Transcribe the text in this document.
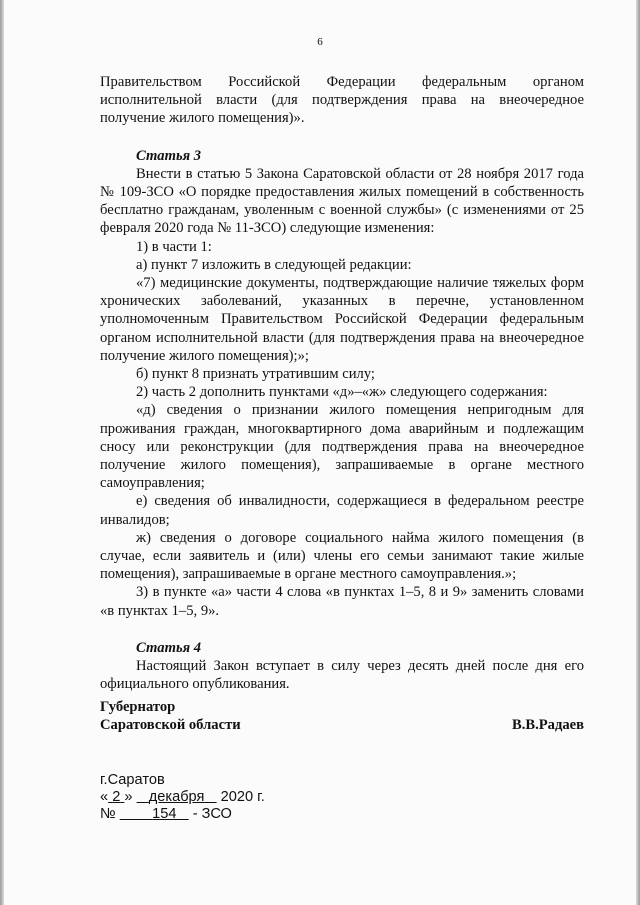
6

Правительством Российской Федерации федеральным органом исполнительной власти (для подтверждения права на внеочередное получение жилого помещения)».

Статья 3

Внести в статью 5 Закона Саратовской области от 28 ноября 2017 года № 109-ЗСО «О порядке предоставления жилых помещений в собственность бесплатно гражданам, уволенным с военной службы» (с изменениями от 25 февраля 2020 года № 11-ЗСО) следующие изменения:

1) в части 1:

а) пункт 7 изложить в следующей редакции:

«7) медицинские документы, подтверждающие наличие тяжелых форм хронических заболеваний, указанных в перечне, установленном уполномоченным Правительством Российской Федерации федеральным органом исполнительной власти (для подтверждения права на внеочередное получение жилого помещения);»;

б) пункт 8 признать утратившим силу;

2) часть 2 дополнить пунктами «д»–«ж» следующего содержания:

«д) сведения о признании жилого помещения непригодным для проживания граждан, многоквартирного дома аварийным и подлежащим сносу или реконструкции (для подтверждения права на внеочередное получение жилого помещения), запрашиваемые в органе местного самоуправления;

е) сведения об инвалидности, содержащиеся в федеральном реестре инвалидов;

ж) сведения о договоре социального найма жилого помещения (в случае, если заявитель и (или) члены его семьи занимают такие жилые помещения), запрашиваемые в органе местного самоуправления.»;

3) в пункте «а» части 4 слова «в пунктах 1–5, 8 и 9» заменить словами «в пунктах 1–5, 9».

Статья 4

Настоящий Закон вступает в силу через десять дней после дня его официального опубликования.

Губернатор
Саратовской области	В.В.Радаев
г.Саратов
« 2 » декабря 2020 г.
№	154 - ЗСО
